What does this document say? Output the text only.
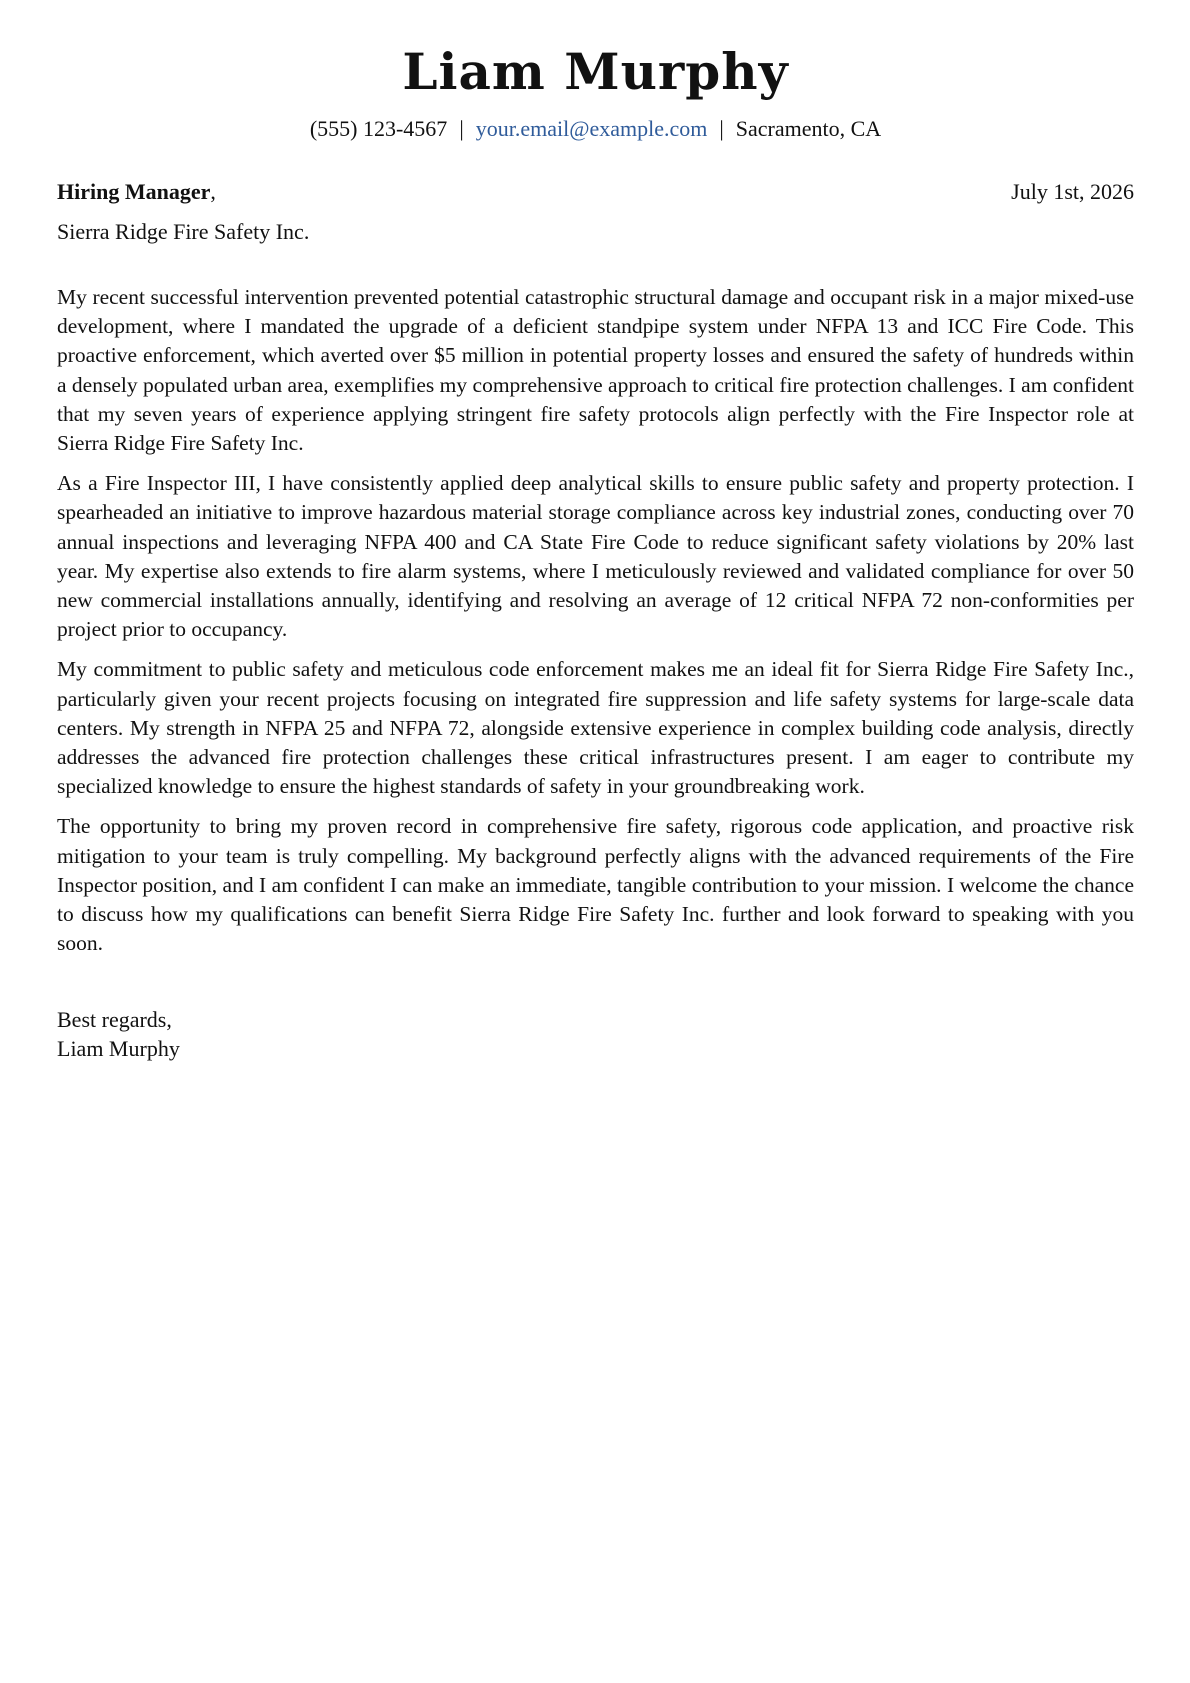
Liam Murphy
(555) 123-4567 | your.email@example.com | Sacramento, CA
Hiring Manager,	July 1st, 2026
Sierra Ridge Fire Safety Inc.

My recent successful intervention prevented potential catastrophic structural damage and occupant risk in a major mixed-use development, where I mandated the upgrade of a deficient standpipe system under NFPA 13 and ICC Fire Code. This proactive enforcement, which averted over $5 million in potential property losses and ensured the safety of hundreds within a densely populated urban area, exemplifies my comprehensive approach to critical fire protection challenges. I am confident that my seven years of experience applying stringent fire safety protocols align perfectly with the Fire Inspector role at Sierra Ridge Fire Safety Inc.

As a Fire Inspector III, I have consistently applied deep analytical skills to ensure public safety and property protection. I spearheaded an initiative to improve hazardous material storage compliance across key industrial zones, conducting over 70 annual inspections and leveraging NFPA 400 and CA State Fire Code to reduce significant safety violations by 20% last year. My expertise also extends to fire alarm systems, where I meticulously reviewed and validated compliance for over 50 new commercial installations annually, identifying and resolving an average of 12 critical NFPA 72 non-conformities per project prior to occupancy.

My commitment to public safety and meticulous code enforcement makes me an ideal fit for Sierra Ridge Fire Safety Inc., particularly given your recent projects focusing on integrated fire suppression and life safety systems for large-scale data centers. My strength in NFPA 25 and NFPA 72, alongside extensive experience in complex building code analysis, directly addresses the advanced fire protection challenges these critical infrastructures present. I am eager to contribute my specialized knowledge to ensure the highest standards of safety in your groundbreaking work.

The opportunity to bring my proven record in comprehensive fire safety, rigorous code application, and proactive risk mitigation to your team is truly compelling. My background perfectly aligns with the advanced requirements of the Fire Inspector position, and I am confident I can make an immediate, tangible contribution to your mission. I welcome the chance to discuss how my qualifications can benefit Sierra Ridge Fire Safety Inc. further and look forward to speaking with you soon.

Best regards,
Liam Murphy
